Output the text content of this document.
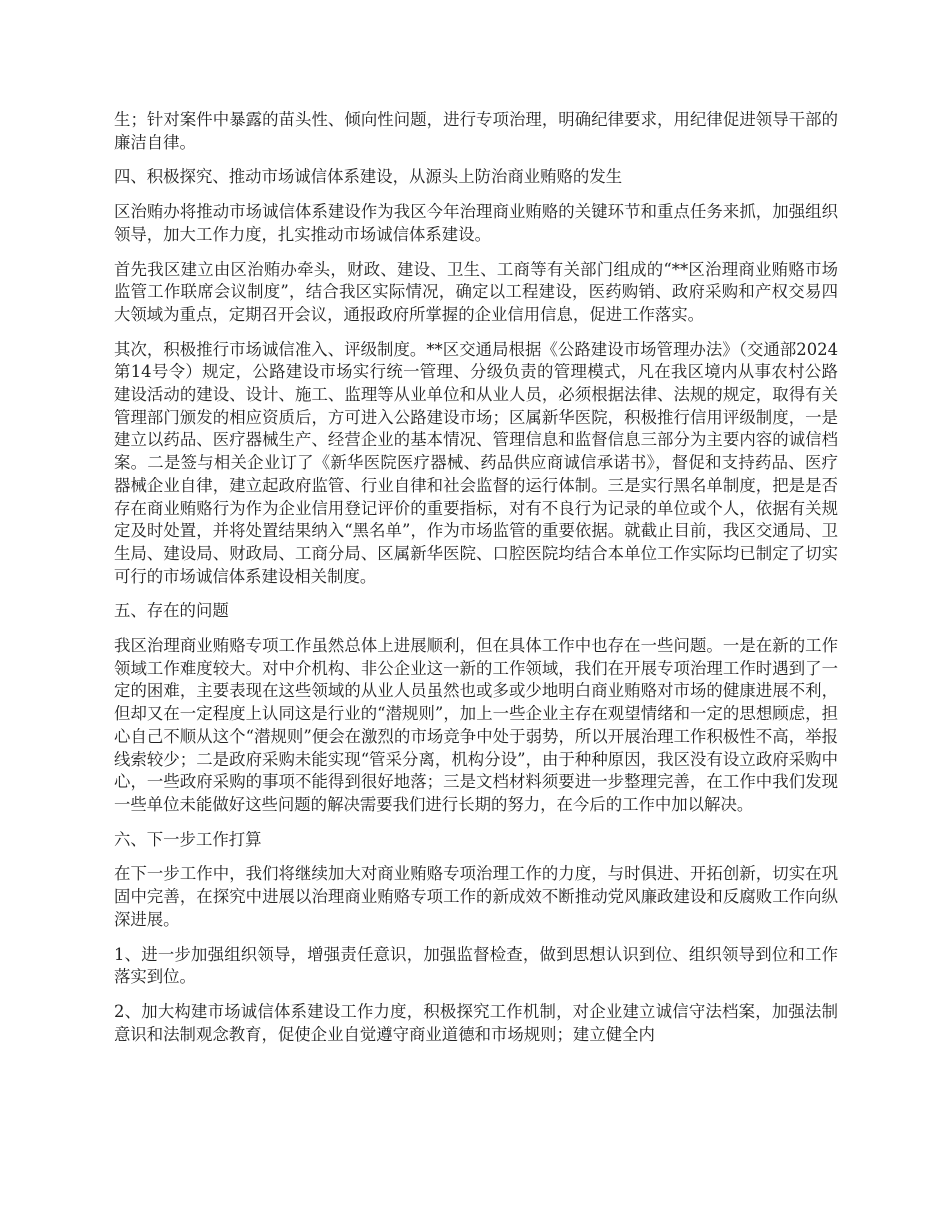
生；针对案件中暴露的苗头性、倾向性问题，进行专项治理，明确纪律要求，用纪律促进领导干部的廉洁自律。

四、积极探究、推动市场诚信体系建设，从源头上防治商业贿赂的发生

区治贿办将推动市场诚信体系建设作为我区今年治理商业贿赂的关键环节和重点任务来抓，加强组织领导，加大工作力度，扎实推动市场诚信体系建设。

首先我区建立由区治贿办牵头，财政、建设、卫生、工商等有关部门组成的“**区治理商业贿赂市场监管工作联席会议制度”，结合我区实际情况，确定以工程建设，医药购销、政府采购和产权交易四大领域为重点，定期召开会议，通报政府所掌握的企业信用信息，促进工作落实。

其次，积极推行市场诚信准入、评级制度。**区交通局根据《公路建设市场管理办法》（交通部2024第14号令）规定，公路建设市场实行统一管理、分级负责的管理模式，凡在我区境内从事农村公路建设活动的建设、设计、施工、监理等从业单位和从业人员，必须根据法律、法规的规定，取得有关管理部门颁发的相应资质后，方可进入公路建设市场；区属新华医院，积极推行信用评级制度，一是建立以药品、医疗器械生产、经营企业的基本情况、管理信息和监督信息三部分为主要内容的诚信档案。二是签与相关企业订了《新华医院医疗器械、药品供应商诚信承诺书》，督促和支持药品、医疗器械企业自律，建立起政府监管、行业自律和社会监督的运行体制。三是实行黑名单制度，把是是否存在商业贿赂行为作为企业信用登记评价的重要指标，对有不良行为记录的单位或个人，依据有关规定及时处置，并将处置结果纳入“黑名单”，作为市场监管的重要依据。就截止目前，我区交通局、卫生局、建设局、财政局、工商分局、区属新华医院、口腔医院均结合本单位工作实际均已制定了切实可行的市场诚信体系建设相关制度。

五、存在的问题

我区治理商业贿赂专项工作虽然总体上进展顺利，但在具体工作中也存在一些问题。一是在新的工作领域工作难度较大。对中介机构、非公企业这一新的工作领域，我们在开展专项治理工作时遇到了一定的困难，主要表现在这些领域的从业人员虽然也或多或少地明白商业贿赂对市场的健康进展不利，但却又在一定程度上认同这是行业的“潜规则”，加上一些企业主存在观望情绪和一定的思想顾虑，担心自己不顺从这个“潜规则”便会在激烈的市场竞争中处于弱势，所以开展治理工作积极性不高，举报线索较少；二是政府采购未能实现“管采分离，机构分设”，由于种种原因，我区没有设立政府采购中心，一些政府采购的事项不能得到很好地落；三是文档材料须要进一步整理完善，在工作中我们发现一些单位未能做好这些问题的解决需要我们进行长期的努力，在今后的工作中加以解决。

六、下一步工作打算

在下一步工作中，我们将继续加大对商业贿赂专项治理工作的力度，与时俱进、开拓创新，切实在巩固中完善，在探究中进展以治理商业贿赂专项工作的新成效不断推动党风廉政建设和反腐败工作向纵深进展。

1、进一步加强组织领导，增强责任意识，加强监督检查，做到思想认识到位、组织领导到位和工作落实到位。

2、加大构建市场诚信体系建设工作力度，积极探究工作机制，对企业建立诚信守法档案，加强法制意识和法制观念教育，促使企业自觉遵守商业道德和市场规则；建立健全内
